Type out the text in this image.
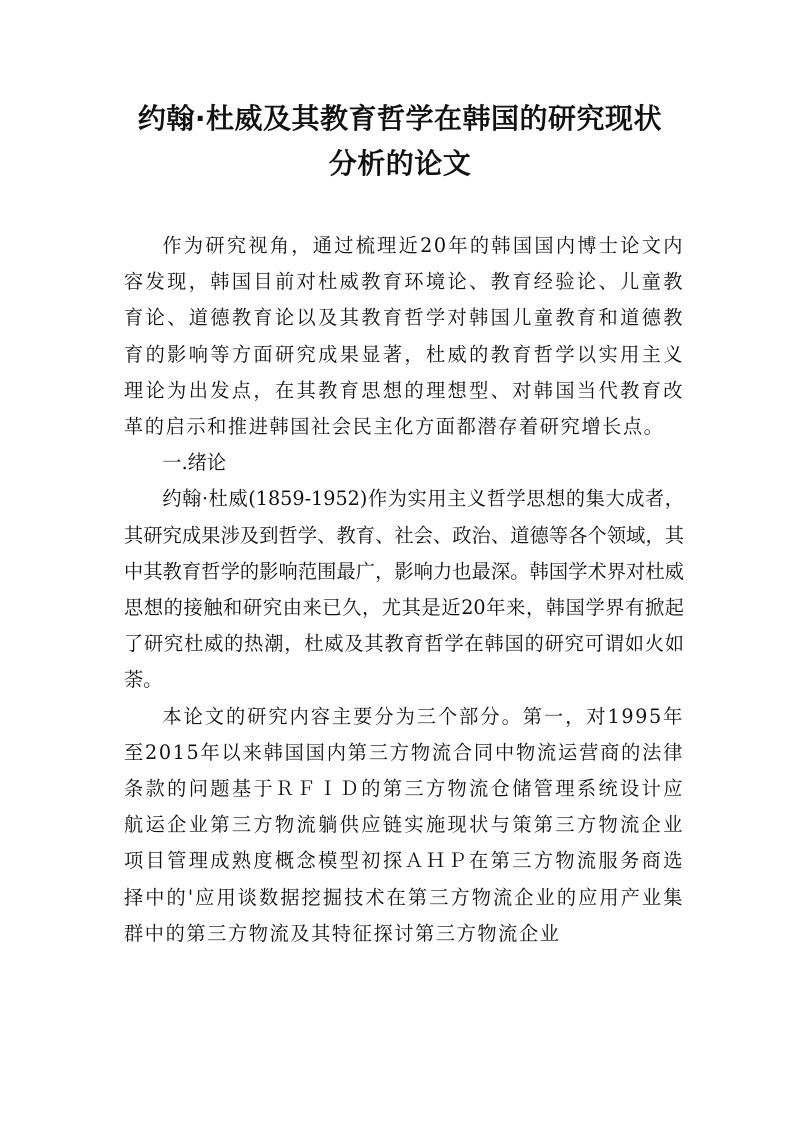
约翰·杜威及其教育哲学在韩国的研究现状
分析的论文

作为研究视角，通过梳理近20年的韩国国内博士论文内容发现，韩国目前对杜威教育环境论、教育经验论、儿童教育论、道德教育论以及其教育哲学对韩国儿童教育和道德教育的影响等方面研究成果显著，杜威的教育哲学以实用主义理论为出发点，在其教育思想的理想型、对韩国当代教育改革的启示和推进韩国社会民主化方面都潜存着研究增长点。

一.绪论

约翰·杜威(1859-1952)作为实用主义哲学思想的集大成者，其研究成果涉及到哲学、教育、社会、政治、道德等各个领域，其中其教育哲学的影响范围最广，影响力也最深。韩国学术界对杜威思想的接触和研究由来已久，尤其是近20年来，韩国学界有掀起了研究杜威的热潮，杜威及其教育哲学在韩国的研究可谓如火如荼。

本论文的研究内容主要分为三个部分。第一，对1995年至2015年以来韩国国内第三方物流合同中物流运营商的法律条款的问题基于ＲＦＩＤ的第三方物流仓储管理系统设计应航运企业第三方物流躺供应链实施现状与策第三方物流企业项目管理成熟度概念模型初探ＡＨＰ在第三方物流服务商选择中的'应用谈数据挖掘技术在第三方物流企业的应用产业集群中的第三方物流及其特征探讨第三方物流企业
